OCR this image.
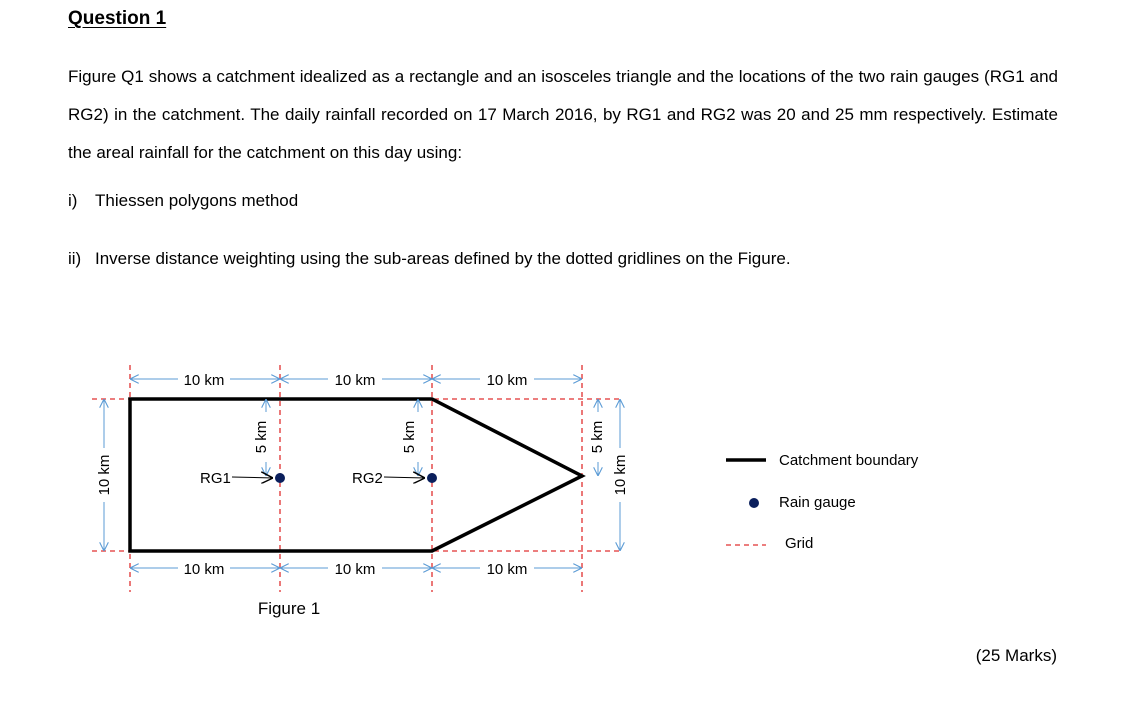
Question 1

Figure Q1 shows a catchment idealized as a rectangle and an isosceles triangle and the locations of the two rain gauges (RG1 and RG2) in the catchment. The daily rainfall recorded on 17 March 2016, by RG1 and RG2 was 20 and 25 mm respectively. Estimate the areal rainfall for the catchment on this day using:

i) Thiessen polygons method
ii) Inverse distance weighting using the sub-areas defined by the dotted gridlines on the Figure.
10 km	10 km	10 km
10 km	10 km	10 km
10 km	10 km
5 km	5 km	5 km
RG1	RG2
Figure 1
Catchment boundary
Rain gauge
Grid
(25 Marks)
